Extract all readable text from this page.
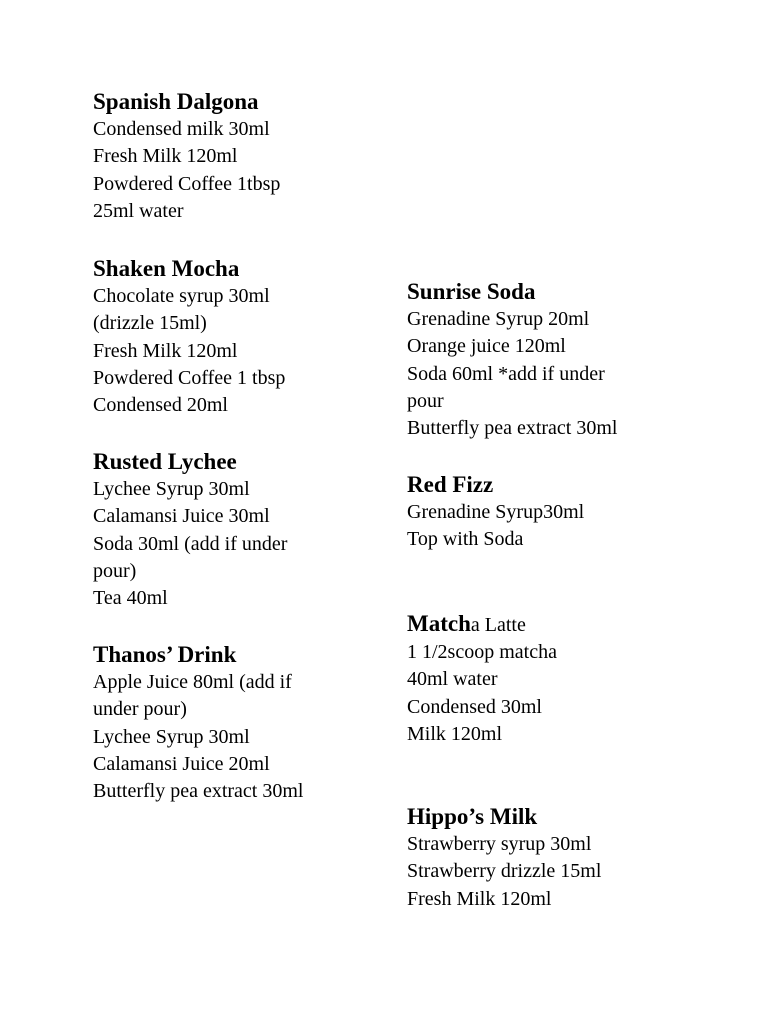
Spanish Dalgona
Condensed milk 30ml
Fresh Milk 120ml
Powdered Coffee 1tbsp
25ml water
Shaken Mocha
Chocolate syrup 30ml
(drizzle 15ml)
Fresh Milk 120ml
Powdered Coffee 1 tbsp
Condensed 20ml
Rusted Lychee
Lychee Syrup 30ml
Calamansi Juice 30ml
Soda 30ml (add if under
pour)
Tea 40ml
Thanos’ Drink
Apple Juice 80ml (add if
under pour)
Lychee Syrup 30ml
Calamansi Juice 20ml
Butterfly pea extract 30ml
Sunrise Soda
Grenadine Syrup 20ml
Orange juice 120ml
Soda 60ml *add if under
pour
Butterfly pea extract 30ml
Red Fizz
Grenadine Syrup30ml
Top with Soda
Matcha Latte
1 1/2scoop matcha
40ml water
Condensed 30ml
Milk 120ml
Hippo’s Milk
Strawberry syrup 30ml
Strawberry drizzle 15ml
Fresh Milk 120ml
